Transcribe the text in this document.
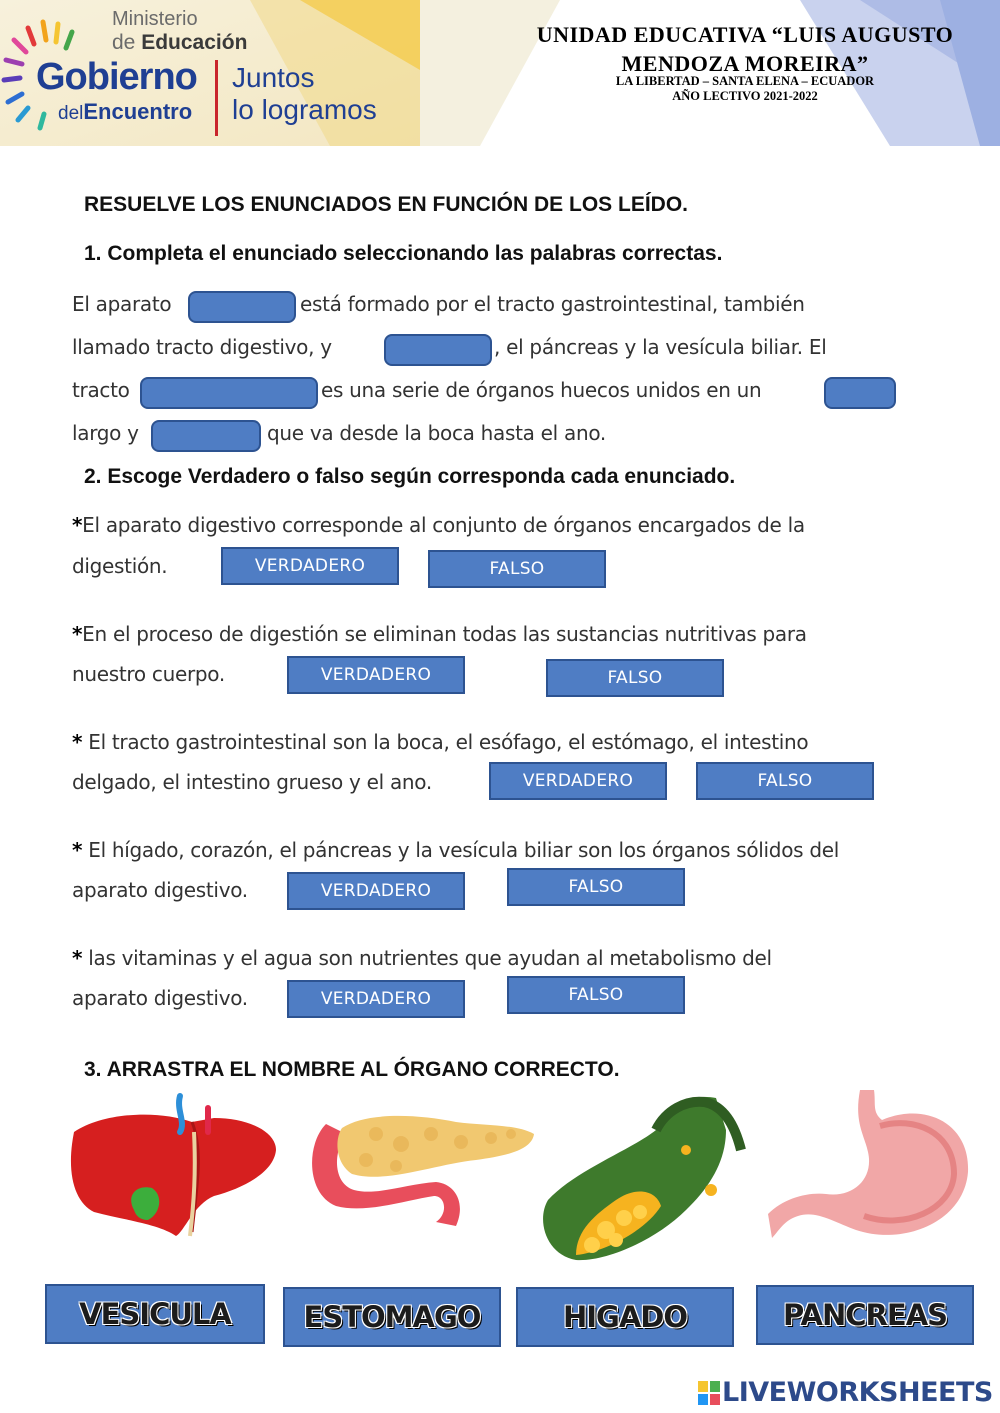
Ministerio
de Educación
Gobierno
delEncuentro
Juntos
lo logramos
UNIDAD EDUCATIVA “LUIS AUGUSTO
MENDOZA MOREIRA”
LA LIBERTAD – SANTA ELENA – ECUADOR
AÑO LECTIVO 2021-2022
RESUELVE LOS ENUNCIADOS EN FUNCIÓN DE LOS LEÍDO.
1. Completa el enunciado seleccionando las palabras correctas.
El aparato	está formado por el tracto gastrointestinal, también
llamado tracto digestivo, y	, el páncreas y la vesícula biliar. El
tracto	es una serie de órganos huecos unidos en un
largo y	que va desde la boca hasta el ano.
2. Escoge Verdadero o falso según corresponda cada enunciado.
*El aparato digestivo corresponde al conjunto de órganos encargados de la
digestión.	VERDADERO	FALSO
*En el proceso de digestión se eliminan todas las sustancias nutritivas para
nuestro cuerpo.	VERDADERO	FALSO
* El tracto gastrointestinal son la boca, el esófago, el estómago, el intestino
delgado, el intestino grueso y el ano.	VERDADERO	FALSO
* El hígado, corazón, el páncreas y la vesícula biliar son los órganos sólidos del
aparato digestivo.	VERDADERO	FALSO
* las vitaminas y el agua son nutrientes que ayudan al metabolismo del
aparato digestivo.	VERDADERO	FALSO
3. ARRASTRA EL NOMBRE AL ÓRGANO CORRECTO.
VESICULA	ESTOMAGO	HIGADO	PANCREAS
LIVEWORKSHEETS
